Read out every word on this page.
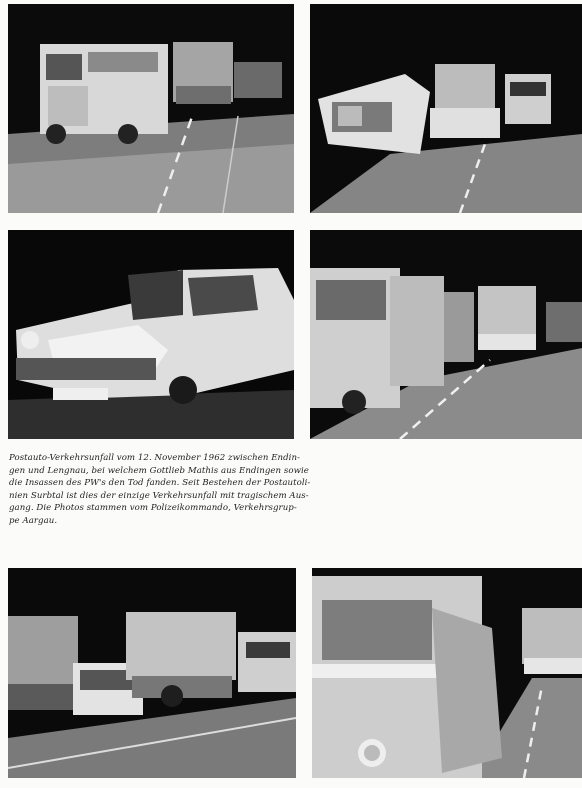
Postauto-Verkehrsunfall vom 12. November 1962 zwischen Endin-
gen und Lengnau, bei welchem Gottlieb Mathis aus Endingen sowie
die Insassen des PW's den Tod fanden. Seit Bestehen der Postautoli-
nien Surbtal ist dies der einzige Verkehrsunfall mit tragischem Aus-
gang. Die Photos stammen vom Polizeikommando, Verkehrsgrup-
pe Aargau.
